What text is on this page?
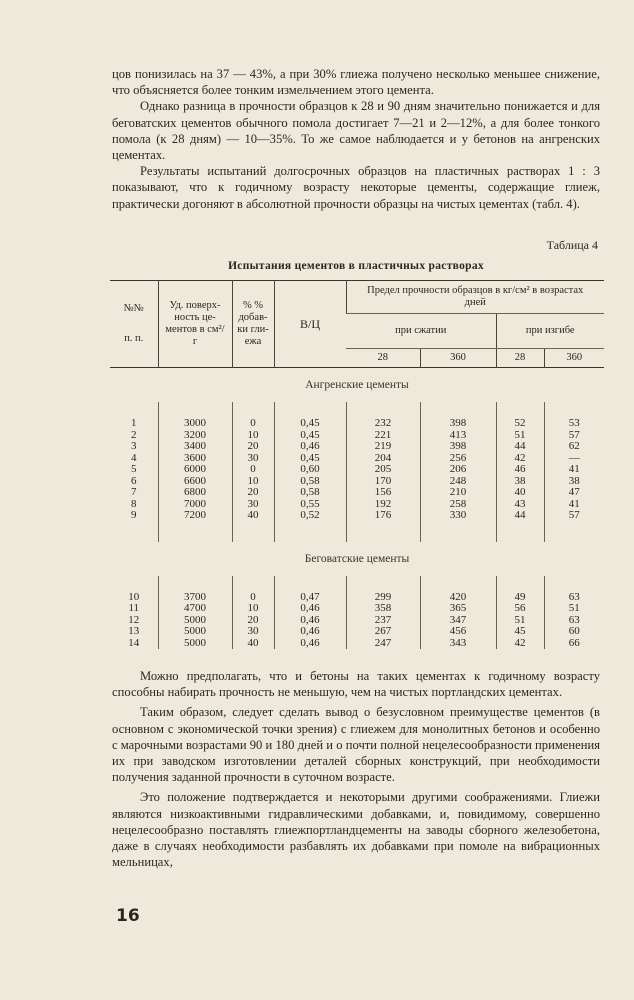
цов понизилась на 37 — 43%, а при 30% глиежа получено несколько меньшее снижение, что объясняется более тонким измельчением этого цемента.

Однако разница в прочности образцов к 28 и 90 дням значительно понижается и для беговатских цементов обычного помола достигает 7—21 и 2—12%, а для более тонкого помола (к 28 дням) — 10—35%. То же самое наблюдается и у бетонов на ангренских цементах.

Результаты испытаний долгосрочных образцов на пластичных растворах 1 : 3 показывают, что к годичному возрасту некоторые цементы, содержащие глиеж, практически догоняют в абсолютной прочности образцы на чистых цементах (табл. 4).

Таблица 4
Испытания цементов в пластичных растворах
№№
п. п.	Уд. поверх- ность це- ментов в см²/г	% % добав- ки гли- ежа	В/Ц	Предел прочности образцов в кг/см² в возрастах дней			
				при сжатии		при изгибе	
				28	360	28	360
Ангренские цементы							

1	3000	0	0,45	232	398	52	53
2	3200	10	0,45	221	413	51	57
3	3400	20	0,46	219	398	44	62
4	3600	30	0,45	204	256	42	—
5	6000	0	0,60	205	206	46	41
6	6600	10	0,58	170	248	38	38
7	6800	20	0,58	156	210	40	47
8	7000	30	0,55	192	258	43	41
9	7200	40	0,52	176	330	44	57

Беговатские цементы							

10	3700	0	0,47	299	420	49	63
11	4700	10	0,46	358	365	56	51
12	5000	20	0,46	237	347	51	63
13	5000	30	0,46	267	456	45	60
14	5000	40	0,46	247	343	42	66

Можно предполагать, что и бетоны на таких цементах к годичному возрасту способны набирать прочность не меньшую, чем на чистых портландских цементах.

Таким образом, следует сделать вывод о безусловном преимуществе цементов (в основном с экономической точки зрения) с глиежем для монолитных бетонов и особенно с марочными возрастами 90 и 180 дней и о почти полной нецелесообразности применения их при заводском изготовлении деталей сборных конструкций, при необходимости получения заданной прочности в суточном возрасте.

Это положение подтверждается и некоторыми другими соображениями. Глиежи являются низкоактивными гидравлическими добавками, и, повидимому, совершенно нецелесообразно поставлять глиежпортландцементы на заводы сборного железобетона, даже в случаях необходимости разбавлять их добавками при помоле на вибрационных мельницах,

16
